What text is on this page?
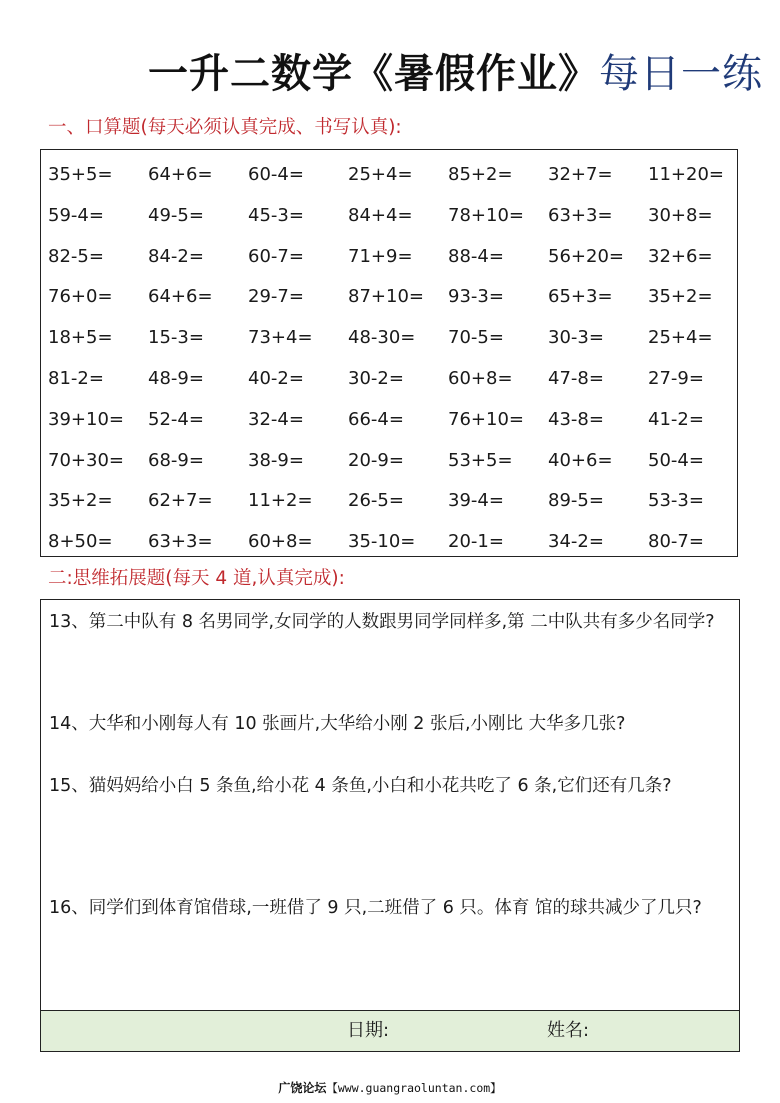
一升二数学《暑假作业》每日一练
一、口算题(每天必须认真完成、书写认真):
35+5=	64+6=	60-4=	25+4=	85+2=	32+7=	11+20=
59-4=	49-5=	45-3=	84+4=	78+10=	63+3=	30+8=
82-5=	84-2=	60-7=	71+9=	88-4=	56+20=	32+6=
76+0=	64+6=	29-7=	87+10=	93-3=	65+3=	35+2=
18+5=	15-3=	73+4=	48-30=	70-5=	30-3=	25+4=
81-2=	48-9=	40-2=	30-2=	60+8=	47-8=	27-9=
39+10=	52-4=	32-4=	66-4=	76+10=	43-8=	41-2=
70+30=	68-9=	38-9=	20-9=	53+5=	40+6=	50-4=
35+2=	62+7=	11+2=	26-5=	39-4=	89-5=	53-3=
8+50=	63+3=	60+8=	35-10=	20-1=	34-2=	80-7=
二:思维拓展题(每天 4 道,认真完成):
13、第二中队有 8 名男同学,女同学的人数跟男同学同样多,第 二中队共有多少名同学?
14、大华和小刚每人有 10 张画片,大华给小刚 2 张后,小刚比 大华多几张?
15、猫妈妈给小白 5 条鱼,给小花 4 条鱼,小白和小花共吃了 6 条,它们还有几条?
16、同学们到体育馆借球,一班借了 9 只,二班借了 6 只。体育 馆的球共减少了几只?
日期:	姓名:
广饶论坛【www.guangraoluntan.com】
